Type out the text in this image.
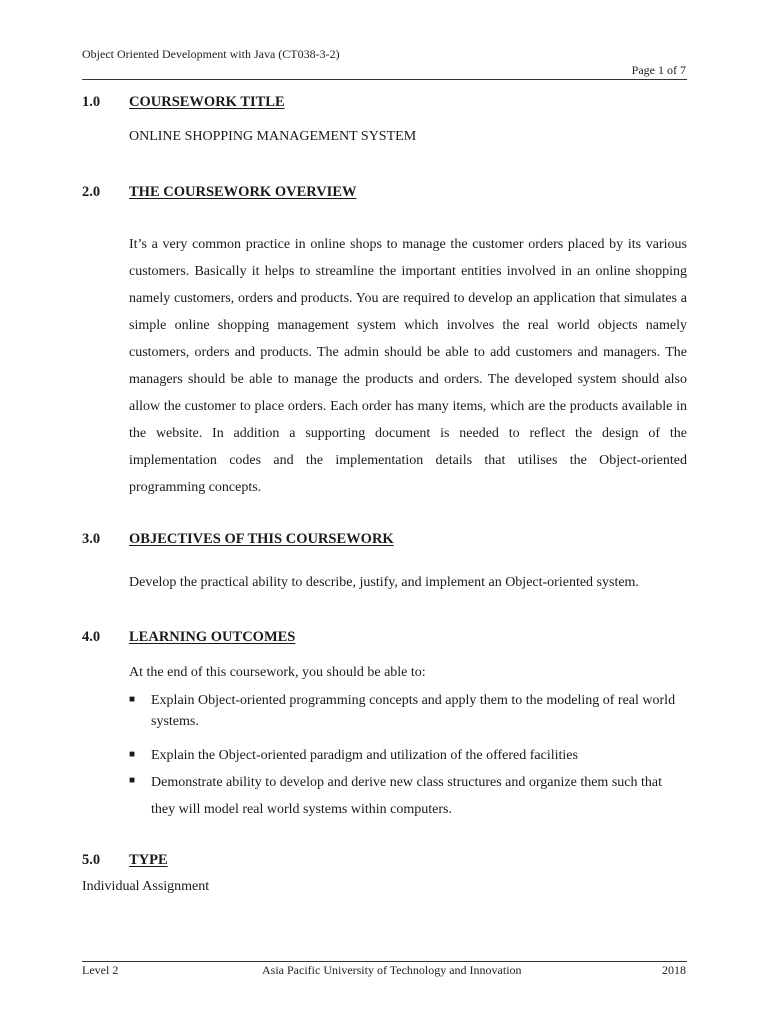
Object Oriented Development with Java (CT038-3-2)
Page 1 of 7
1.0 COURSEWORK TITLE
ONLINE SHOPPING MANAGEMENT SYSTEM
2.0 THE COURSEWORK OVERVIEW
It’s a very common practice in online shops to manage the customer orders placed by its various customers. Basically it helps to streamline the important entities involved in an online shopping namely customers, orders and products. You are required to develop an application that simulates a simple online shopping management system which involves the real world objects namely customers, orders and products. The admin should be able to add customers and managers. The managers should be able to manage the products and orders. The developed system should also allow the customer to place orders. Each order has many items, which are the products available in the website. In addition a supporting document is needed to reflect the design of the implementation codes and the implementation details that utilises the Object-oriented programming concepts.
3.0 OBJECTIVES OF THIS COURSEWORK
Develop the practical ability to describe, justify, and implement an Object-oriented system.
4.0 LEARNING OUTCOMES
At the end of this coursework, you should be able to:
■ Explain Object-oriented programming concepts and apply them to the modeling of real world systems.
■ Explain the Object-oriented paradigm and utilization of the offered facilities
■ Demonstrate ability to develop and derive new class structures and organize them such that they will model real world systems within computers.
5.0 TYPE
Individual Assignment
Level 2	Asia Pacific University of Technology and Innovation	2018
